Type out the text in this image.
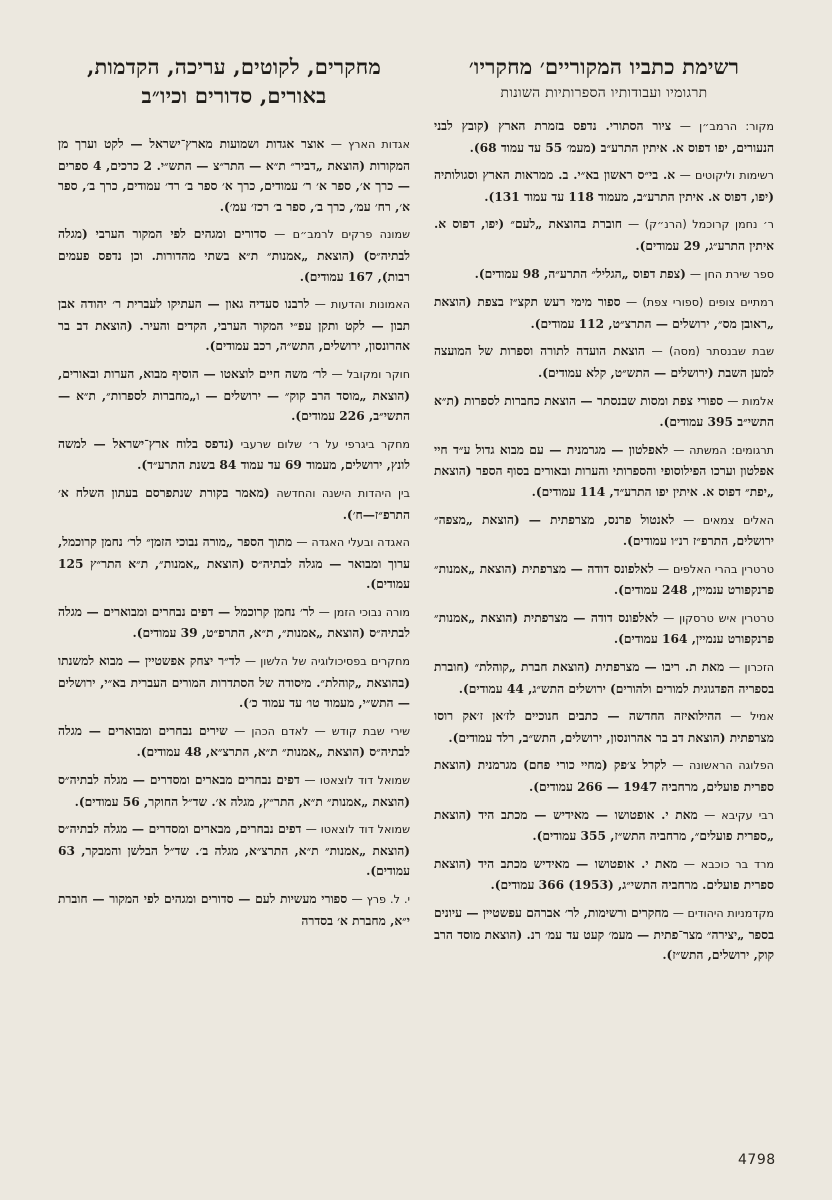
רשימת כתביו המקוריים׳ מחקריו׳
תרגומיו ועבודותיו הספרותיות השונות

מקור: הרמב״ן — ציור הסתורי. נדפס בזמרת הארץ (קובץ לבני הנעורים, יפו דפוס א. איתין התרע״ב (מעמ׳ 55 עד עמוד 68).

רשימות וליקוטים — א. בי״ס ראשון בא״י. ב. ממראות הארץ וסגולותיה (יפו, דפוס א. איתין התרע״ב, מעמוד 118 עד עמוד 131).

ר׳ נחמן קרוכמל (הרנ״ק) — חוברת בהוצאת „לעם״ (יפו, דפוס א. איתין התרע״ג, 29 עמודים).

ספר שירת החן — (צפת דפוס „הגליל״ התרע״ה, 98 עמודים).

רמתיים צופים (ספורי צפת) — ספור מימי רעש תקצ״ז בצפת (הוצאת „ראובן מס״, ירושלים — התרצ״ט, 112 עמודים).

שבת שבנסתר (מסה) — הוצאת הועדה לתורה וספרות של המועצה למען השבת (ירושלים — התש״ט, קלא עמודים).

אלמות — ספורי צפת ומסות שבנסתר — הוצאת כחברות לספרות (ת״א התשי״ב 395 עמודים).

תרגומים: המשתה — לאפלטון — מגרמנית — עם מבוא גדול ע״ד חיי אפלטון וערכו הפילוסופי והספרותי והערות ובאורים בסוף הספר (הוצאת „יפת״ דפוס א. איתין יפו התרע״ד, 114 עמודים).

האלים צמאים — לאנטול פרנס, מצרפתית — (הוצאת „מצפה״ ירושלים, התרפ״ז רנ״ו עמודים).

טרטרין בהרי האלפים — לאלפונס דודה — מצרפתית (הוצאת „אמנות״ פרנקפורט ענמיין, 248 עמודים).

טרטרין איש טרסקון — לאלפונס דודה — מצרפתית (הוצאת „אמנות״ פרנקפורט ענמיין, 164 עמודים).

הזכרון — מאת ת. ריבו — מצרפתית (הוצאת חברת „קוהלת״ (חוברת בספריה הפדגוגית למורים ולהורים) ירושלים התש״ג, 44 עמודים).

אמיל — ההילואיזה החדשה — כתבים חנוכיים לז׳אן ז׳אק רוסו מצרפתית (הוצאת דב בר אהרונסון, ירושלים, התש״ב, רלד עמודים).

הפלוגה הראשונה — לקרל צ׳פק (מחיי כורי פחם) מגרמנית (הוצאת ספרית פועלים, מרחביה 1947 — 266 עמודים).

רבי עקיבא — מאת י. אופטושו — מאידיש — מכתב היד (הוצאת „ספרית פועלים״, מרחביה התש״ז, 355 עמודים).

מרד בר כוכבא — מאת י. אופטושו — מאידיש מכתב היד (הוצאת ספרית פועלים. מרחביה התשי״ג, (1953) 366 עמודים).

מקדמניות היהודים — מחקרים ורשימות, לר׳ אברהם עפשטיין — עיונים בספר „יצירה״ מצר־פתית — מעמ׳ קעט עד עמ׳ רנ. (הוצאת מוסד הרב קוק, ירושלים, התש״ז).

מחקרים, לקוטים, עריכה, הקדמות, באורים, סדורים וכיו״ב

אגדות הארץ — אוצר אגדות ושמועות מארץ־ישראל — לקט וערך מן המקורות (הוצאת „דביר״ ת״א — התר״צ — התש״י. 2 כרכים, 4 ספרים — כרך א׳, ספר א׳ ר׳ עמודים, כרך א׳ ספר ב׳ רד׳ עמודים, כרך ב׳, ספר א׳, רח׳ עמ׳, כרך ב׳, ספר ב׳ רכז׳ עמ׳).

שמונה פרקים לרמב״ם — סדורים ומגהים לפי המקור הערבי (מגלה לבתיה״ס) (הוצאת „אמנות״ ת״א בשתי מהדורות. וכן נדפס פעמים רבות), 167 עמודים).

האמונות והדעות — לרבנו סעדיה גאון — העתיקו לעברית ר׳ יהודה אבן תבון — לקט ותקן עפ״י המקור הערבי, הקדים והעיר. (הוצאת דב בר אהרונסון, ירושלים, התש״ה, רכב עמודים).

חוקר ומקובל — לר׳ משה חיים לוצאטו — הוסיף מבוא, הערות ובאורים, (הוצאת „מוסד הרב קוק״ — ירושלים — ו„מחברות לספרות״, ת״א — התשי״ב, 226 עמודים).

מחקר ביגרפי על ר׳ שלום שרעבי (נדפס בלוח ארץ־ישראל — למשה לונץ, ירושלים, מעמוד 69 עד עמוד 84 בשנת התרע״ד).

בין היהדות הישנה והחדשה (מאמר בקורת שנתפרסם בעתון השלח א׳ התרפ״ז—ח׳).

האגדה ובעלי האגדה — מתוך הספר „מורה נבוכי הזמן״ לר׳ נחמן קרוכמל, ערוך ומבואר — מגלה לבתיה״ס (הוצאת „אמנות״, ת״א התר״ץ 125 עמודים).

מורה נבוכי הזמן — לר׳ נחמן קרוכמל — דפים נבחרים ומבוארים — מגלה לבתיה״ס (הוצאת „אמנות״, ת״א, התרפ״ט, 39 עמודים).

מחקרים בפסיכולוגיה של הלשון — לד״ר יצחק אפשטיין — מבוא למשנתו (בהוצאת „קוהלת״. מיסודה של הסתדרות המורים העברית בא״י, ירושלים — התש״י, מעמוד טו׳ עד עמוד כ׳).

שירי שבת קודש — לאדם הכהן — שירים נבחרים ומבוארים — מגלה לבתיה״ס (הוצאת „אמנות״ ת״א, התרצ״א, 48 עמודים).

שמואל דוד לוצאטו — דפים נבחרים מבארים ומסדרים — מגלה לבתיה״ס (הוצאת „אמנות״ ת״א, התר״ץ, מגלה א׳. שד״ל החוקר, 56 עמודים).

שמואל דוד לוצאטו — דפים נבחרים, מבארים ומסדרים — מגלה לבתיה״ס (הוצאת „אמנות״ ת״א, התרצ״א, מגלה ב׳. שד״ל הבלשן והמבקר, 63 עמודים).

י. ל. פרץ — ספורי מעשיות לעם — סדורים ומגהים לפי המקור — חוברת י״א, מחברת א׳ בסדרה

4798
